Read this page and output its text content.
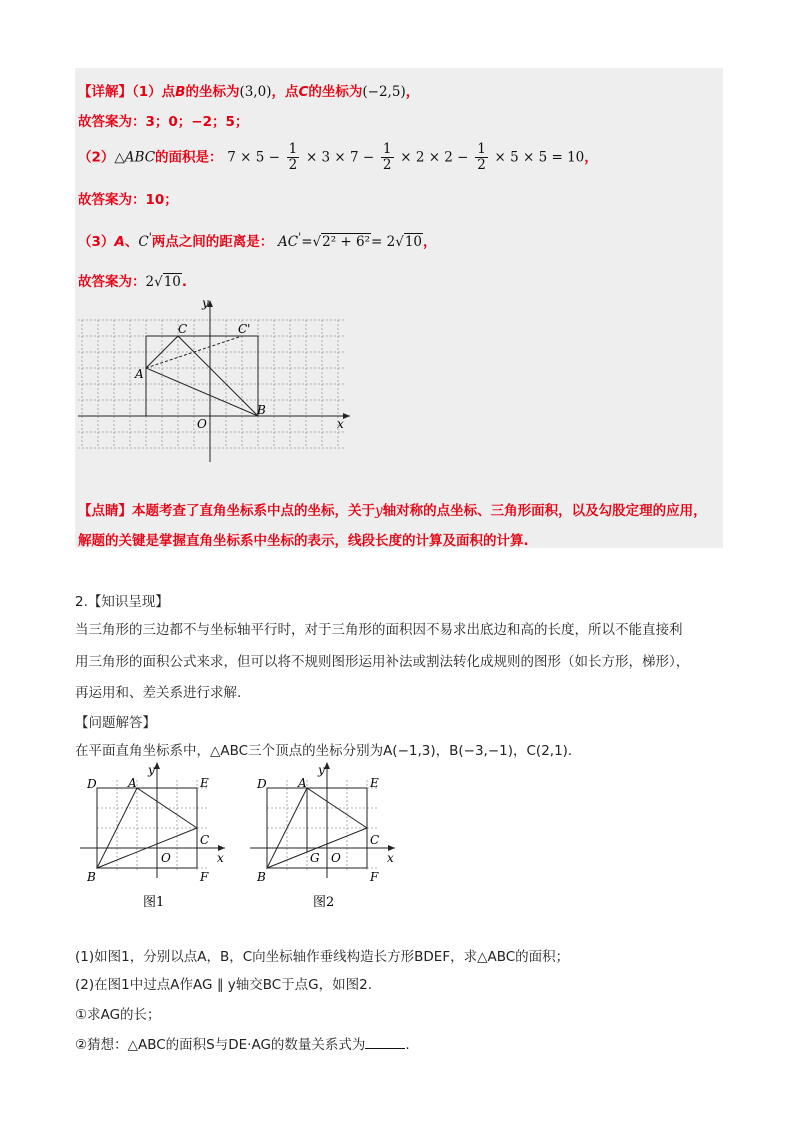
【详解】（1）点B的坐标为(3,0)，点C的坐标为(−2,5)，
故答案为：3；0；−2；5；
（2）△ABC的面积是： $7 \times 5 - \frac{1}{2} \times 3 \times 7 - \frac{1}{2} \times 2 \times 2 - \frac{1}{2} \times 5 \times 5 = 10$，
故答案为：10；
（3）A、C'两点之间的距离是： AC'=√2² + 6²= 2√10，
故答案为：2√10.
y
x
O
A
B
C	C'
【点睛】本题考查了直角坐标系中点的坐标，关于y轴对称的点坐标、三角形面积，以及勾股定理的应用，
解题的关键是掌握直角坐标系中坐标的表示，线段长度的计算及面积的计算.
2.【知识呈现】
当三角形的三边都不与坐标轴平行时，对于三角形的面积因不易求出底边和高的长度，所以不能直接利
用三角形的面积公式来求，但可以将不规则图形运用补法或割法转化成规则的图形（如长方形，梯形），
再运用和、差关系进行求解.
【问题解答】
在平面直角坐标系中，△ABC三个顶点的坐标分别为A(−1,3)，B(−3,−1)，C(2,1).
y
x
D	A	E
C
O
B	F
图1
y
x
D	A	E
C
O
G
B	F
图2
(1)如图1，分别以点A，B，C向坐标轴作垂线构造长方形BDEF，求△ABC的面积；
(2)在图1中过点A作AG ∥ y轴交BC于点G，如图2.
①求AG的长；
②猜想：△ABC的面积S与DE·AG的数量关系式为	.
